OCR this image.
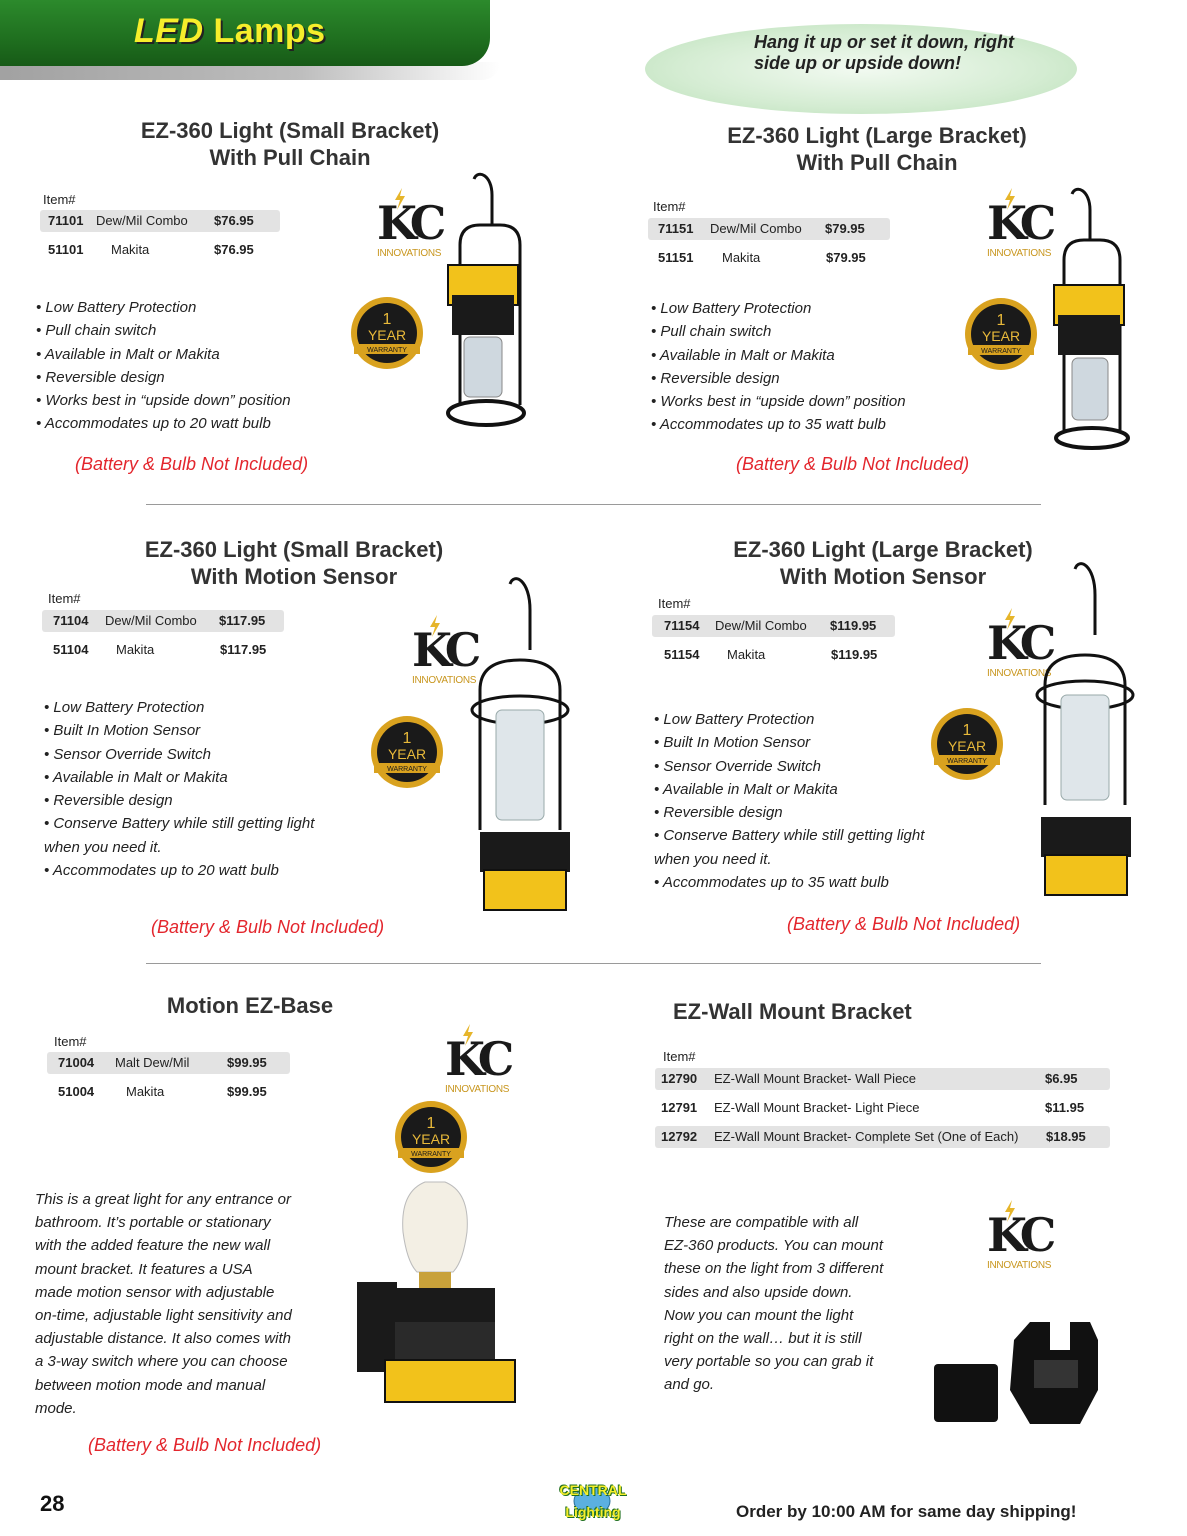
LED Lamps	Hang it up or set it down, right side up or upside down!
EZ-360 Light (Small Bracket)
With Pull Chain
Item#
71101 Dew/Mil Combo $76.95
51101 Makita	$76.95
• Low Battery Protection
• Pull chain switch
• Available in Malt or Makita
• Reversible design
• Works best in “upside down” position
• Accommodates up to 20 watt bulb
(Battery & Bulb Not Included)
EZ-360 Light (Large Bracket)
With Pull Chain
Item#
71151 Dew/Mil Combo $79.95
51151 Makita	$79.95
• Low Battery Protection
• Pull chain switch
• Available in Malt or Makita
• Reversible design
• Works best in “upside down” position
• Accommodates up to 35 watt bulb
(Battery & Bulb Not Included)
EZ-360 Light (Small Bracket)
With Motion Sensor
Item#
71104 Dew/Mil Combo $117.95
51104 Makita	$117.95
• Low Battery Protection
• Built In Motion Sensor
• Sensor Override Switch
• Available in Malt or Makita
• Reversible design
• Conserve Battery while still getting light
when you need it.
• Accommodates up to 20 watt bulb
(Battery & Bulb Not Included)
EZ-360 Light (Large Bracket)
With Motion Sensor
Item#
71154 Dew/Mil Combo $119.95
51154 Makita	$119.95
• Low Battery Protection
• Built In Motion Sensor
• Sensor Override Switch
• Available in Malt or Makita
• Reversible design
• Conserve Battery while still getting light
when you need it.
• Accommodates up to 35 watt bulb
(Battery & Bulb Not Included)
Motion EZ-Base
Item#
71004 Malt Dew/Mil	$99.95
51004 Makita	$99.95
This is a great light for any entrance or
bathroom. It’s portable or stationary
with the added feature the new wall
mount bracket. It features a USA
made motion sensor with adjustable
on-time, adjustable light sensitivity and
adjustable distance. It also comes with
a 3-way switch where you can choose
between motion mode and manual
mode.
(Battery & Bulb Not Included)
EZ-Wall Mount Bracket
Item#
12790 EZ-Wall Mount Bracket- Wall Piece	$6.95
12791 EZ-Wall Mount Bracket- Light Piece	$11.95
12792 EZ-Wall Mount Bracket- Complete Set (One of Each) $18.95
These are compatible with all
EZ-360 products. You can mount
these on the light from 3 different
sides and also upside down.
Now you can mount the light
right on the wall… but it is still
very portable so you can grab it
and go.
KC
INNOVATIONS
KC
INNOVATIONS
KC
INNOVATIONS
KC
INNOVATIONS
KC
INNOVATIONS
KC
INNOVATIONS
1
YEAR
WARRANTY
1
YEAR
WARRANTY
1
YEAR
WARRANTY
1
YEAR
WARRANTY
1
YEAR
WARRANTY
28
CENTRAL
Lighting	Order by 10:00 AM for same day shipping!
